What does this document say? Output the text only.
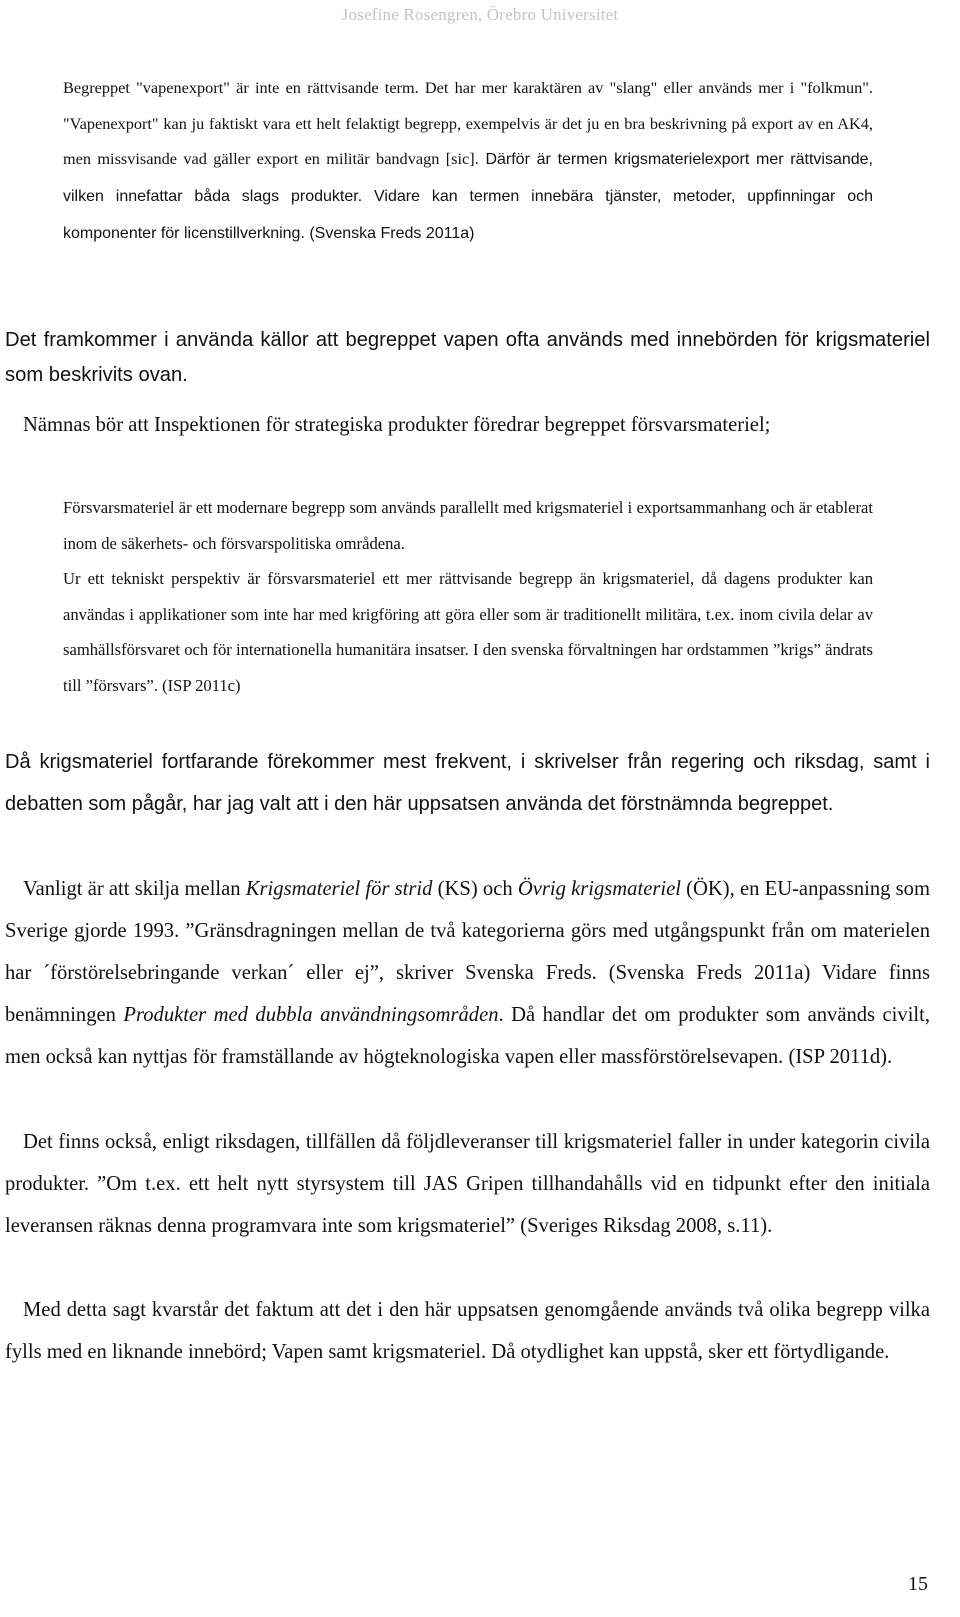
Josefine Rosengren, Örebro Universitet

Begreppet "vapenexport" är inte en rättvisande term. Det har mer karaktären av "slang" eller används mer i "folkmun". "Vapenexport" kan ju faktiskt vara ett helt felaktigt begrepp, exempelvis är det ju en bra beskrivning på export av en AK4, men missvisande vad gäller export en militär bandvagn [sic]. Därför är termen krigsmaterielexport mer rättvisande, vilken innefattar båda slags produkter. Vidare kan termen innebära tjänster, metoder, uppfinningar och komponenter för licenstillverkning. (Svenska Freds 2011a)

Det framkommer i använda källor att begreppet vapen ofta används med innebörden för krigsmateriel som beskrivits ovan.

Nämnas bör att Inspektionen för strategiska produkter föredrar begreppet försvarsmateriel;

Försvarsmateriel är ett modernare begrepp som används parallellt med krigsmateriel i exportsammanhang och är etablerat inom de säkerhets- och försvarspolitiska områdena.

Ur ett tekniskt perspektiv är försvarsmateriel ett mer rättvisande begrepp än krigsmateriel, då dagens produkter kan användas i applikationer som inte har med krigföring att göra eller som är traditionellt militära, t.ex. inom civila delar av samhällsförsvaret och för internationella humanitära insatser. I den svenska förvaltningen har ordstammen ”krigs” ändrats till ”försvars”. (ISP 2011c)

Då krigsmateriel fortfarande förekommer mest frekvent, i skrivelser från regering och riksdag, samt i debatten som pågår, har jag valt att i den här uppsatsen använda det förstnämnda begreppet.

Vanligt är att skilja mellan Krigsmateriel för strid (KS) och Övrig krigsmateriel (ÖK), en EU-anpassning som Sverige gjorde 1993. ”Gränsdragningen mellan de två kategorierna görs med utgångspunkt från om materielen har ´förstörelsebringande verkan´ eller ej”, skriver Svenska Freds. (Svenska Freds 2011a) Vidare finns benämningen Produkter med dubbla användningsområden. Då handlar det om produkter som används civilt, men också kan nyttjas för framställande av högteknologiska vapen eller massförstörelsevapen. (ISP 2011d).

Det finns också, enligt riksdagen, tillfällen då följdleveranser till krigsmateriel faller in under kategorin civila produkter. ”Om t.ex. ett helt nytt styrsystem till JAS Gripen tillhandahålls vid en tidpunkt efter den initiala leveransen räknas denna programvara inte som krigsmateriel” (Sveriges Riksdag 2008, s.11).

Med detta sagt kvarstår det faktum att det i den här uppsatsen genomgående används två olika begrepp vilka fylls med en liknande innebörd; Vapen samt krigsmateriel. Då otydlighet kan uppstå, sker ett förtydligande.

15
